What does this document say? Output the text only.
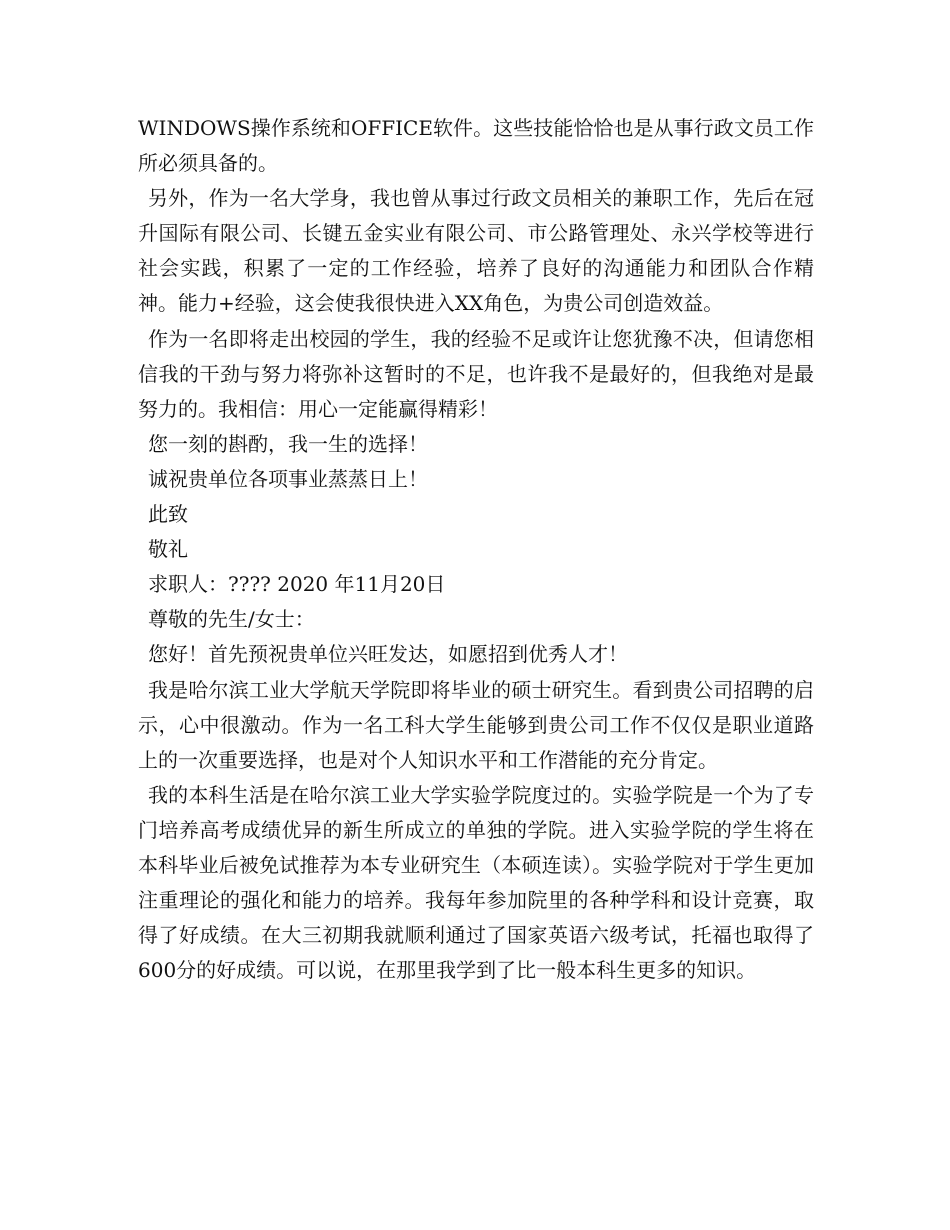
WINDOWS操作系统和OFFICE软件。这些技能恰恰也是从事行政文员工作所必须具备的。

另外，作为一名大学身，我也曾从事过行政文员相关的兼职工作，先后在冠升国际有限公司、长键五金实业有限公司、市公路管理处、永兴学校等进行社会实践，积累了一定的工作经验，培养了良好的沟通能力和团队合作精神。能力+经验，这会使我很快进入XX角色，为贵公司创造效益。

作为一名即将走出校园的学生，我的经验不足或许让您犹豫不决，但请您相信我的干劲与努力将弥补这暂时的不足，也许我不是最好的，但我绝对是最努力的。我相信：用心一定能赢得精彩！

您一刻的斟酌，我一生的选择！

诚祝贵单位各项事业蒸蒸日上！

此致

敬礼

求职人：???? 2020 年11月20日

尊敬的先生/女士：

您好！首先预祝贵单位兴旺发达，如愿招到优秀人才！

我是哈尔滨工业大学航天学院即将毕业的硕士研究生。看到贵公司招聘的启示，心中很激动。作为一名工科大学生能够到贵公司工作不仅仅是职业道路上的一次重要选择，也是对个人知识水平和工作潜能的充分肯定。

我的本科生活是在哈尔滨工业大学实验学院度过的。实验学院是一个为了专门培养高考成绩优异的新生所成立的单独的学院。进入实验学院的学生将在本科毕业后被免试推荐为本专业研究生（本硕连读）。实验学院对于学生更加注重理论的强化和能力的培养。我每年参加院里的各种学科和设计竞赛，取得了好成绩。在大三初期我就顺利通过了国家英语六级考试，托福也取得了600分的好成绩。可以说，在那里我学到了比一般本科生更多的知识。
